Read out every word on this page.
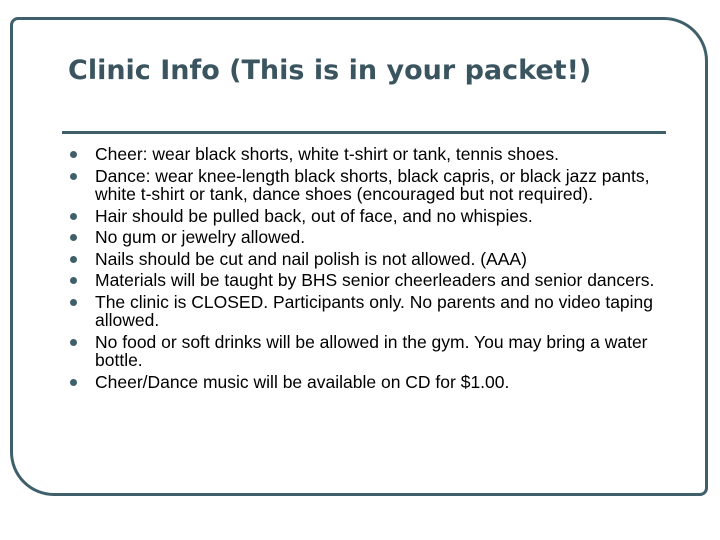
Clinic Info (This is in your packet!)
Cheer: wear black shorts, white t-shirt or tank, tennis shoes.
Dance: wear knee-length black shorts, black capris, or black jazz pants, white t-shirt or tank, dance shoes (encouraged but not required).
Hair should be pulled back, out of face, and no whispies.
No gum or jewelry allowed.
Nails should be cut and nail polish is not allowed. (AAA)
Materials will be taught by BHS senior cheerleaders and senior dancers.
The clinic is CLOSED. Participants only. No parents and no video taping allowed.
No food or soft drinks will be allowed in the gym. You may bring a water bottle.
Cheer/Dance music will be available on CD for $1.00.
